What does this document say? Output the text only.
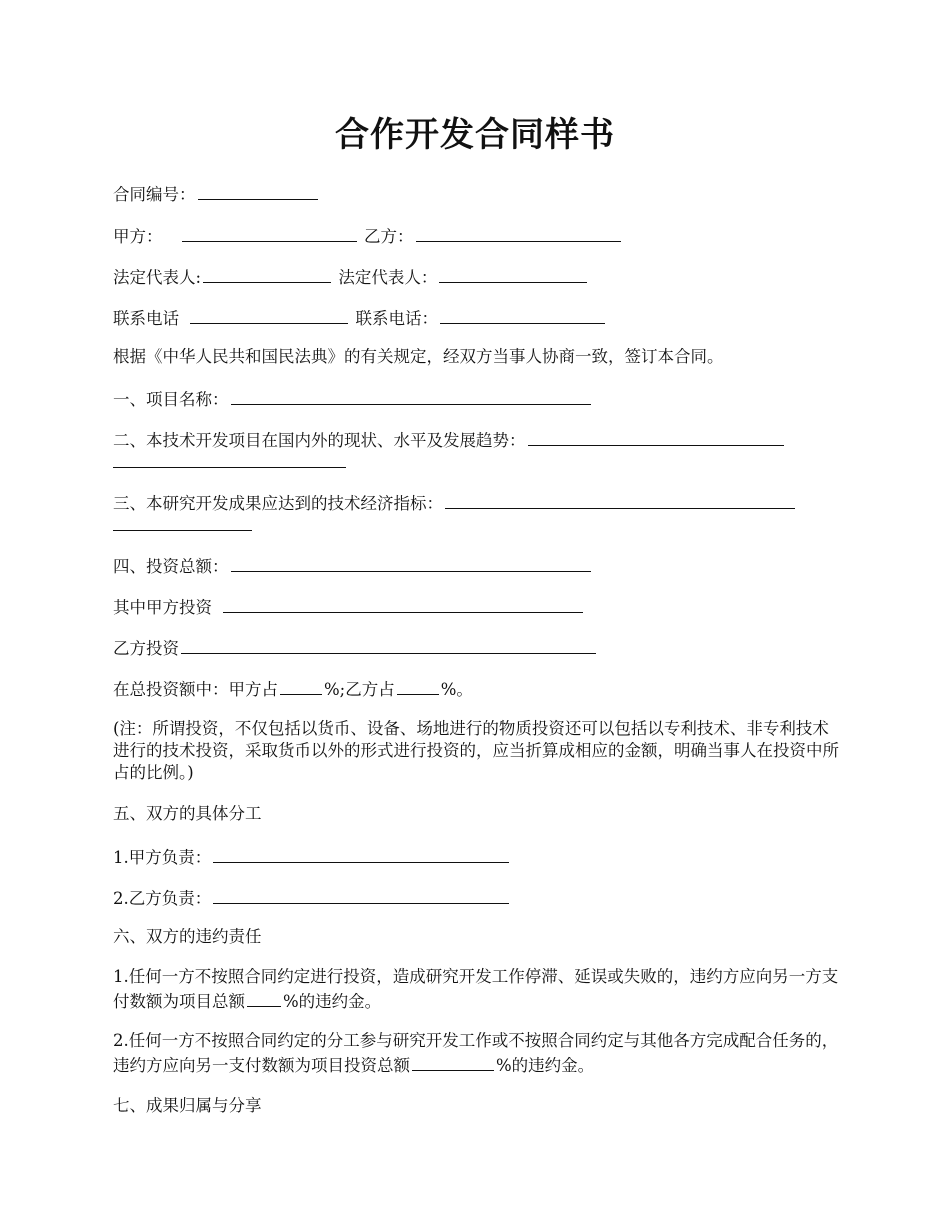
合作开发合同样书
合同编号：
甲方：	乙方：
法定代表人:	法定代表人：
联系电话	联系电话：
根据《中华人民共和国民法典》的有关规定，经双方当事人协商一致，签订本合同。
一、项目名称：
二、本技术开发项目在国内外的现状、水平及发展趋势：
三、本研究开发成果应达到的技术经济指标：
四、投资总额：
其中甲方投资
乙方投资
在总投资额中：甲方占	%;乙方占	%。
(注：所谓投资，不仅包括以货币、设备、场地进行的物质投资还可以包括以专利技术、非专利技术进行的技术投资，采取货币以外的形式进行投资的，应当折算成相应的金额，明确当事人在投资中所占的比例。)
五、双方的具体分工
1.甲方负责：
2.乙方负责：
六、双方的违约责任
1.任何一方不按照合同约定进行投资，造成研究开发工作停滞、延误或失败的，违约方应向另一方支付数额为项目总额 %的违约金。
2.任何一方不按照合同约定的分工参与研究开发工作或不按照合同约定与其他各方完成配合任务的，违约方应向另一支付数额为项目投资总额	%的违约金。
七、成果归属与分享
